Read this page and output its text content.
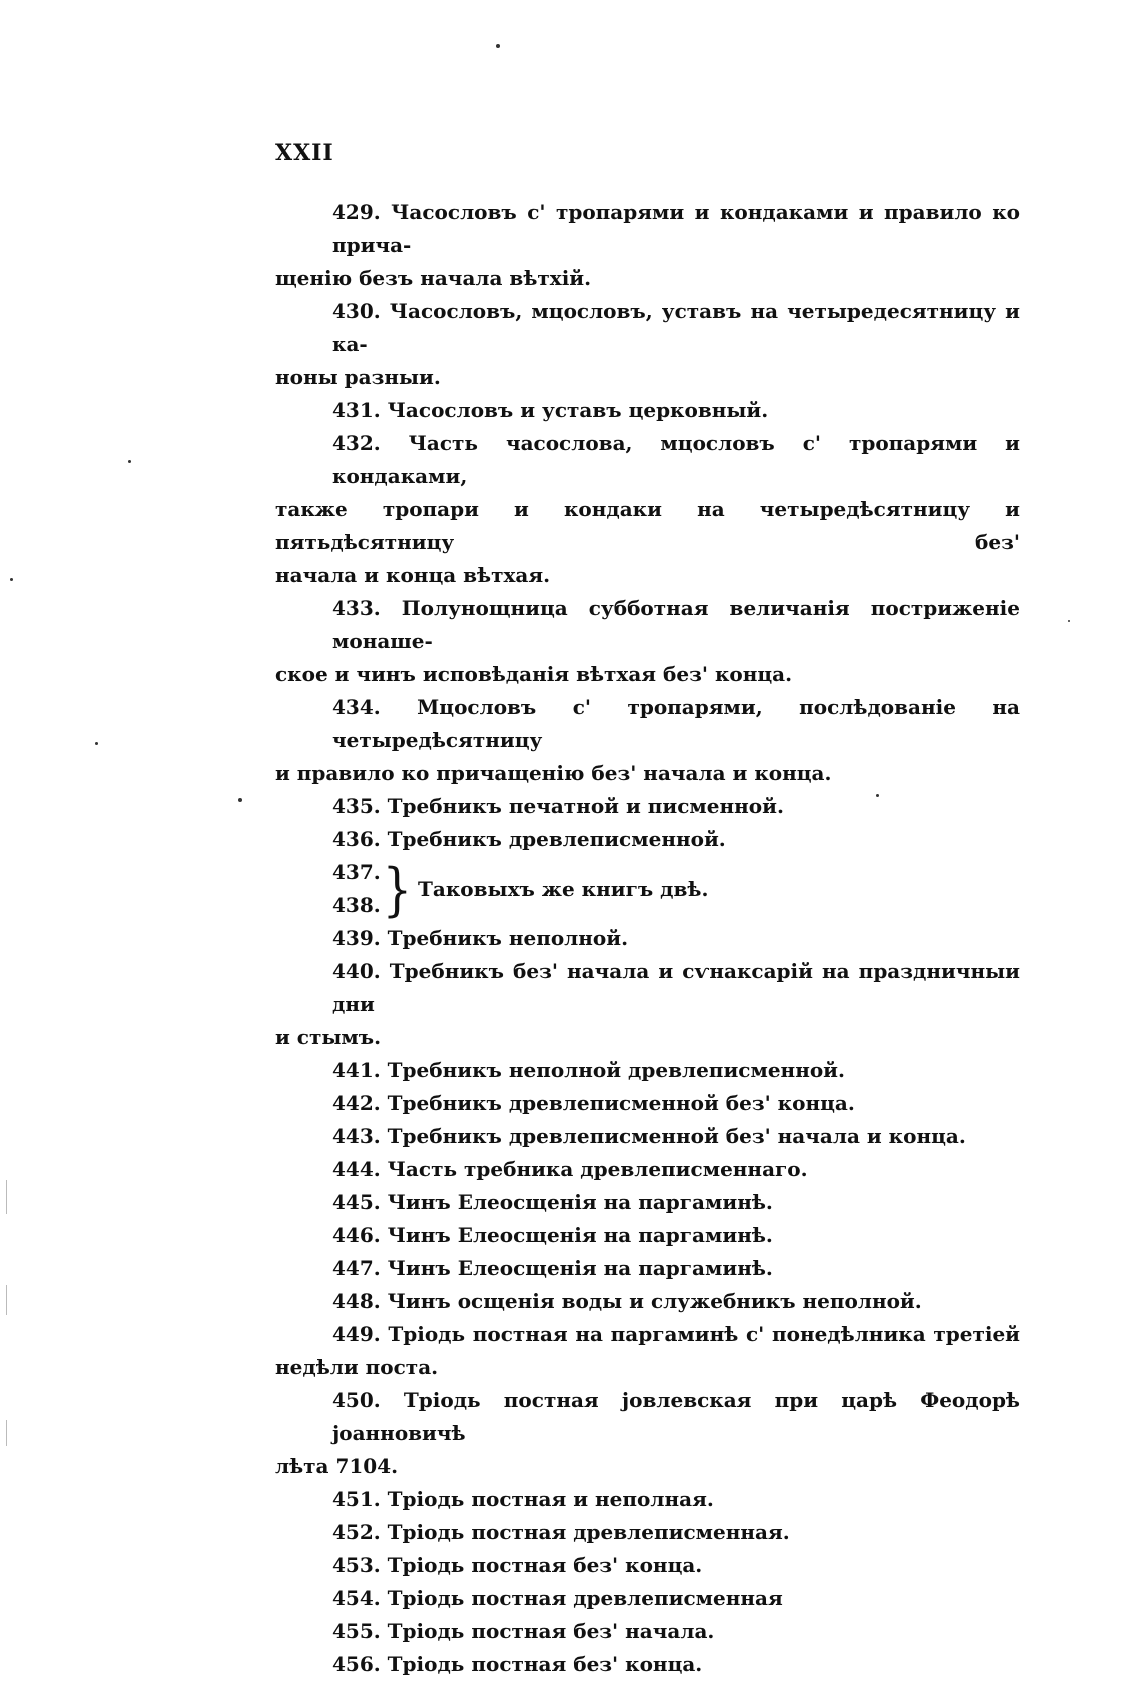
XXII
429. Часословъ с' тропарями и кондаками и правило ко прича-
щенію безъ начала вѣтхій.
430. Часословъ, мцословъ, уставъ на четыредесятницу и ка-
ноны разныи.
431. Часословъ и уставъ церковный.
432. Часть часослова, мцословъ с' тропарями и кондаками,
также тропари и кондаки на четыредѣсятницу и пятьдѣсятницу без'
начала и конца вѣтхая.
433. Полунощница субботная величанія постриженіе монаше-
ское и чинъ исповѣданія вѣтхая без' конца.
434. Мцословъ с' тропарями, послѣдованіе на четыредѣсятницу
и правило ко причащенію без' начала и конца.
435. Требникъ печатной и писменной.
436. Требникъ древлеписменной.
437.
438. } Таковыхъ же книгъ двѣ.
439. Требникъ неполной.
440. Требникъ без' начала и сѵнаксарій на праздничныи дни
и стымъ.
441. Требникъ неполной древлеписменной.
442. Требникъ древлеписменной без' конца.
443. Требникъ древлеписменной без' начала и конца.
444. Часть требника древлеписменнаго.
445. Чинъ Елеосщенія на паргаминѣ.
446. Чинъ Елеосщенія на паргаминѣ.
447. Чинъ Елеосщенія на паргаминѣ.
448. Чинъ осщенія воды и служебникъ неполной.
449. Тріодь постная на паргаминѣ с' понедѣлника третіей
недѣли поста.
450. Тріодь постная јовлевская при царѣ Феодорѣ јоанновичѣ
лѣта 7104.
451. Тріодь постная и неполная.
452. Тріодь постная древлеписменная.
453. Тріодь постная без' конца.
454. Тріодь постная древлеписменная
455. Тріодь постная без' начала.
456. Тріодь постная без' конца.
